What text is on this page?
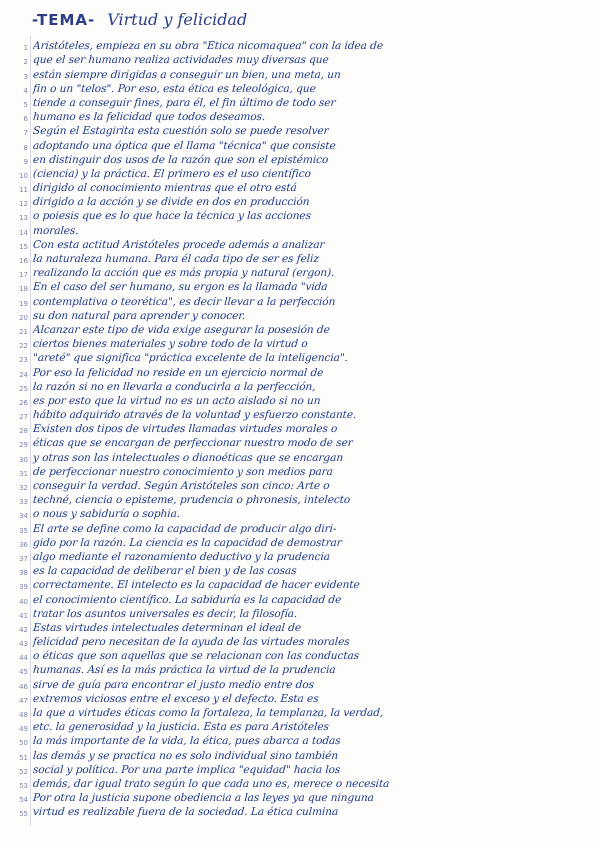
-TEMA- Virtud y felicidad
1 Aristóteles, empieza en su obra "Ética nicomaquea" con la idea de
2 que el ser humano realiza actividades muy diversas que
3 están siempre dirigidas a conseguir un bien, una meta, un
4 fin o un "telos". Por eso, esta ética es teleológica, que
5 tiende a conseguir fines, para él, el fin último de todo ser
6 humano es la felicidad que todos deseamos.
7 Según el Estagirita esta cuestión solo se puede resolver
8 adoptando una óptica que el llama "técnica" que consiste
9 en distinguir dos usos de la razón que son el epistémico
10 (ciencia) y la práctica. El primero es el uso científico
11 dirigido al conocimiento mientras que el otro está
12 dirigido a la acción y se divide en dos en producción
13 o poiesis que es lo que hace la técnica y las acciones
14 morales.
15 Con esta actitud Aristóteles procede además a analizar
16 la naturaleza humana. Para él cada tipo de ser es feliz
17 realizando la acción que es más propia y natural (ergon).
18 En el caso del ser humano, su ergon es la llamada "vida
19 contemplativa o teorética", es decir llevar a la perfección
20 su don natural para aprender y conocer.
21 Alcanzar este tipo de vida exige asegurar la posesión de
22 ciertos bienes materiales y sobre todo de la virtud o
23 "areté" que significa "práctica excelente de la inteligencia".
24 Por eso la felicidad no reside en un ejercicio normal de
25 la razón si no en llevarla a conducirla a la perfección,
26 es por esto que la virtud no es un acto aislado si no un
27 hábito adquirido através de la voluntad y esfuerzo constante.
28 Existen dos tipos de virtudes llamadas virtudes morales o
29 éticas que se encargan de perfeccionar nuestro modo de ser
30 y otras son las intelectuales o dianoéticas que se encargan
31 de perfeccionar nuestro conocimiento y son medios para
32 conseguir la verdad. Según Aristóteles son cinco: Arte o
33 techné, ciencia o episteme, prudencia o phronesis, intelecto
34 o nous y sabiduría o sophia.
35 El arte se define como la capacidad de producir algo diri-
36 gido por la razón. La ciencia es la capacidad de demostrar
37 algo mediante el razonamiento deductivo y la prudencia
38 es la capacidad de deliberar el bien y de las cosas
39 correctamente. El intelecto es la capacidad de hacer evidente
40 el conocimiento científico. La sabiduría es la capacidad de
41 tratar los asuntos universales es decir, la filosofía.
42 Estas virtudes intelectuales determinan el ideal de
43 felicidad pero necesitan de la ayuda de las virtudes morales
44 o éticas que son aquellas que se relacionan con las conductas
45 humanas. Así es la más práctica la virtud de la prudencia
46 sirve de guía para encontrar el justo medio entre dos
47 extremos viciosos entre el exceso y el defecto. Esta es
48 la que a virtudes éticas como la fortaleza, la templanza, la verdad,
49 etc. la generosidad y la justicia. Esta es para Aristóteles
50 la más importante de la vida, la ética, pues abarca a todas
51 las demás y se practica no es solo individual sino también
52 social y política. Por una parte implica "equidad" hacia los
53 demás, dar igual trato según lo que cada uno es, merece o necesita
54 Por otra la justicia supone obediencia a las leyes ya que ninguna
55 virtud es realizable fuera de la sociedad. La ética culmina
